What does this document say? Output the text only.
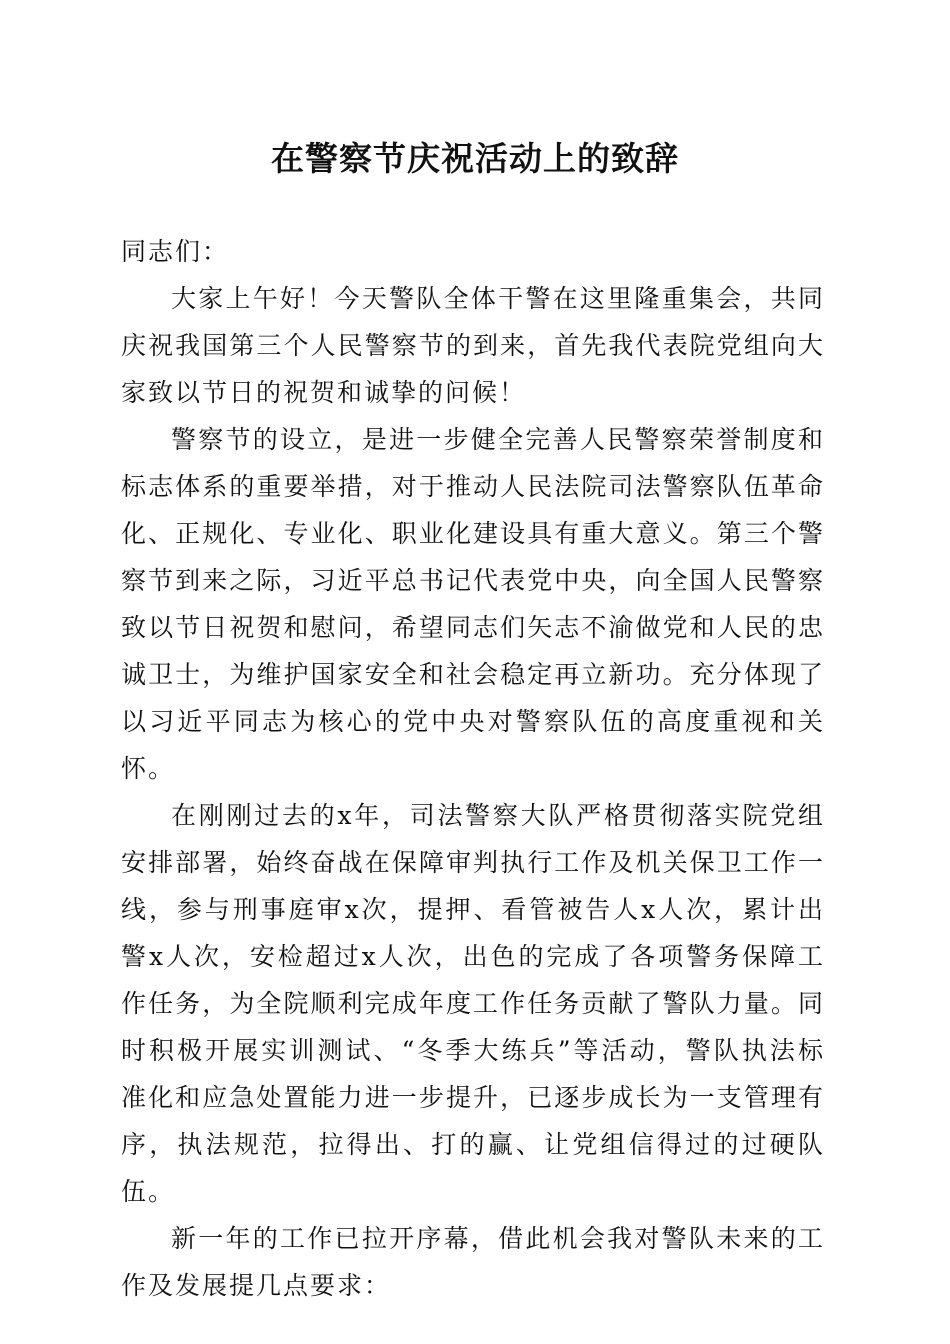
在警察节庆祝活动上的致辞

同志们：

大家上午好！今天警队全体干警在这里隆重集会，共同庆祝我国第三个人民警察节的到来，首先我代表院党组向大家致以节日的祝贺和诚挚的问候！

警察节的设立，是进一步健全完善人民警察荣誉制度和标志体系的重要举措，对于推动人民法院司法警察队伍革命化、正规化、专业化、职业化建设具有重大意义。第三个警察节到来之际，习近平总书记代表党中央，向全国人民警察致以节日祝贺和慰问，希望同志们矢志不渝做党和人民的忠诚卫士，为维护国家安全和社会稳定再立新功。充分体现了以习近平同志为核心的党中央对警察队伍的高度重视和关怀。

在刚刚过去的x年，司法警察大队严格贯彻落实院党组安排部署，始终奋战在保障审判执行工作及机关保卫工作一线，参与刑事庭审x次，提押、看管被告人x人次，累计出警x人次，安检超过x人次，出色的完成了各项警务保障工作任务，为全院顺利完成年度工作任务贡献了警队力量。同时积极开展实训测试、“冬季大练兵”等活动，警队执法标准化和应急处置能力进一步提升，已逐步成长为一支管理有序，执法规范，拉得出、打的赢、让党组信得过的过硬队伍。

新一年的工作已拉开序幕，借此机会我对警队未来的工作及发展提几点要求：
